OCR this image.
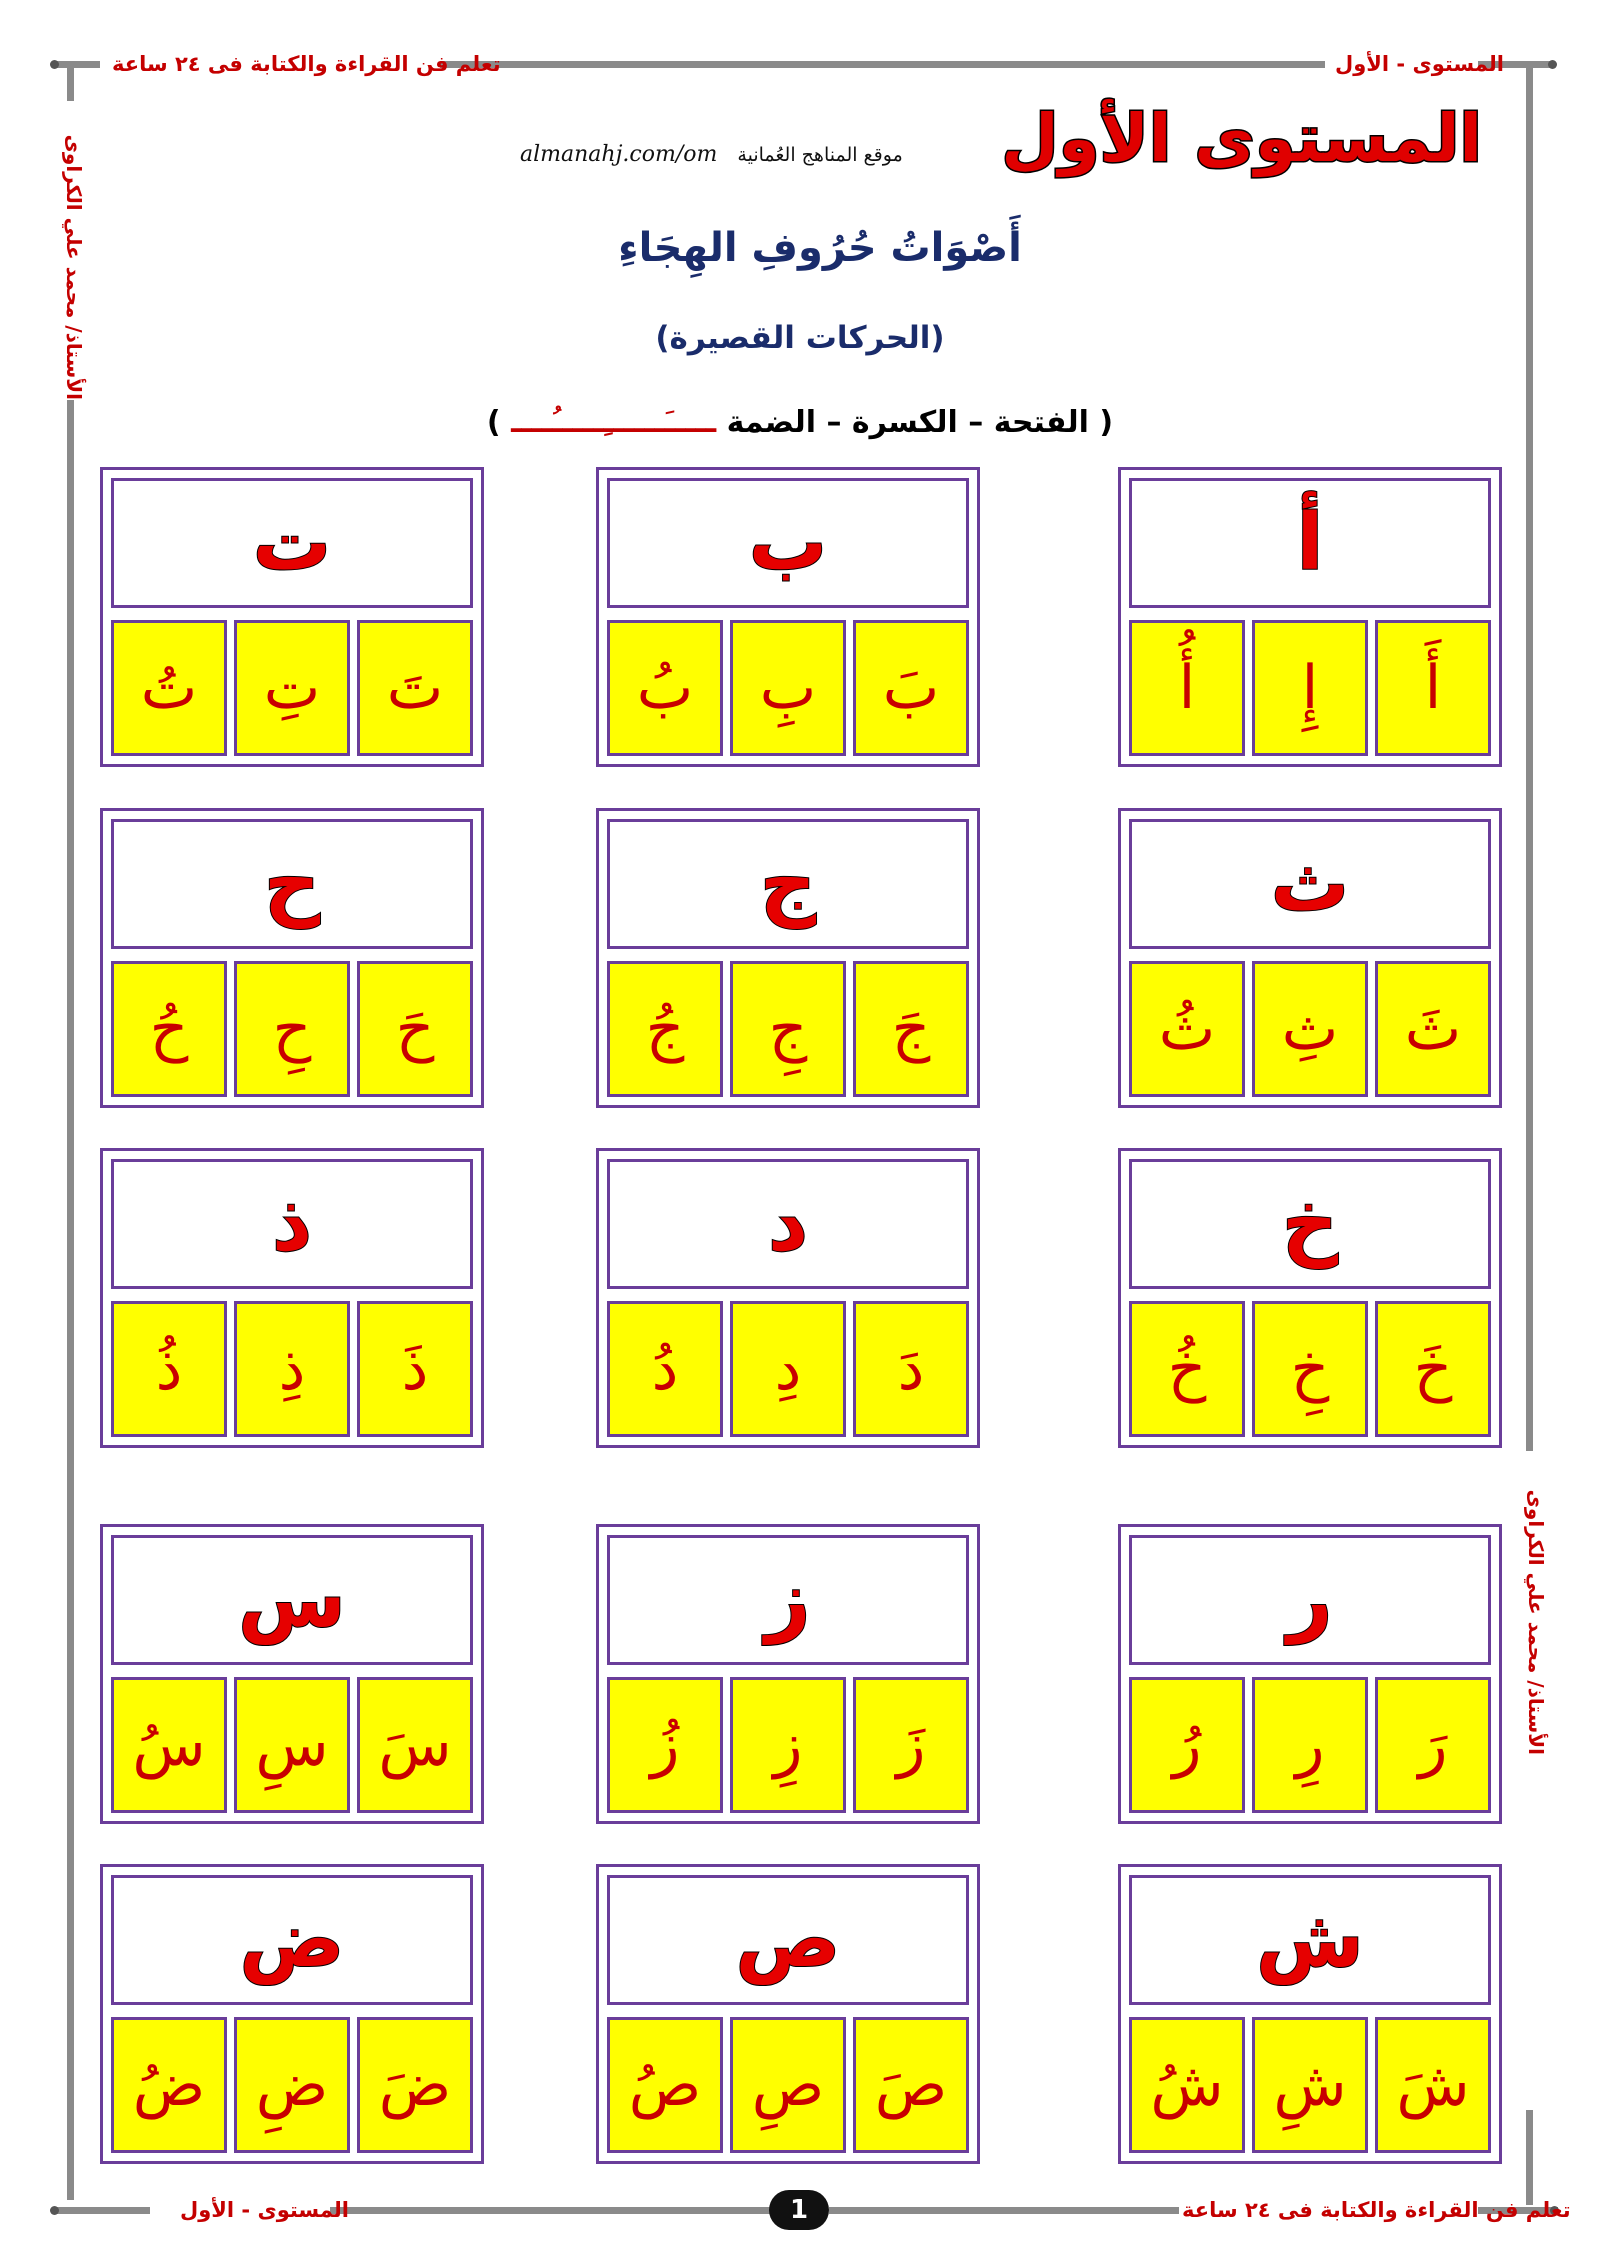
تعلم فن القراءة والكتابة فى ٢٤ ساعة	المستوى - الأول
الأستاذ/ محمد علي الكراوى
الأستاذ/ محمد علي الكراوى
المستوى الأول
almanahj.com/om موقع المناهج العُمانية
أَصْوَاتُ حُرُوفِ الهِجَاءِ
(الحركات القصيرة)
( الفتحة – الكسرة – الضمة ـــــَــــــِـــــُــــ )
أ
أَ
إِ
أُ
ب
بَ
بِ
بُ
ت
تَ
تِ
تُ
ث
ثَ
ثِ
ثُ
ج
جَ
جِ
جُ
ح
حَ
حِ
حُ
خ
خَ
خِ
خُ
د
دَ
دِ
دُ
ذ
ذَ
ذِ
ذُ
ر
رَ
رِ
رُ
ز
زَ
زِ
زُ
س
سَ
سِ
سُ
ش
شَ
شِ
شُ
ص
صَ
صِ
صُ
ض
ضَ
ضِ
ضُ
المستوى - الأول	تعلم فن القراءة والكتابة فى ٢٤ ساعة
1
